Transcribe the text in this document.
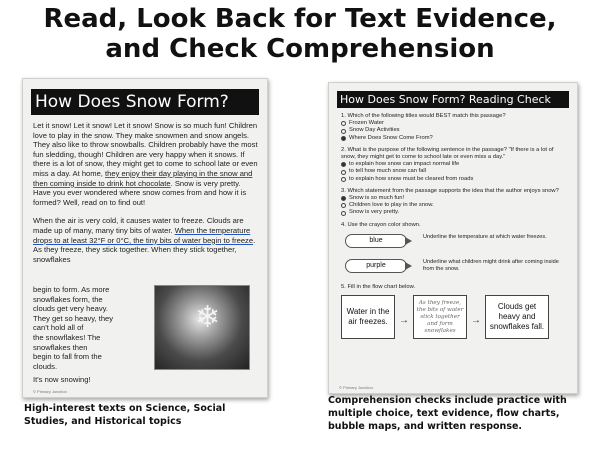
Read, Look Back for Text Evidence,
and Check Comprehension
How Does Snow Form?

Let it snow! Let it snow! Let it snow! Snow is so much fun! Children love to play in the snow. They make snowmen and snow angels. They also like to throw snowballs. Children probably have the most fun sledding, though! Children are very happy when it snows. If there is a lot of snow, they might get to come to school late or even miss a day. At home, they enjoy their day playing in the snow and then coming inside to drink hot chocolate. Snow is very pretty. Have you ever wondered where snow comes from and how it is formed? Well, read on to find out!

When the air is very cold, it causes water to freeze. Clouds are made up of many, many tiny bits of water. When the temperature drops to at least 32°F or 0°C, the tiny bits of water begin to freeze. As they freeze, they stick together. When they stick together, snowflakes

begin to form. As more
snowflakes form, the
clouds get very heavy.
They get so heavy, they
can't hold all of
the snowflakes! The
snowflakes then
begin to fall from the
clouds.
❄
It's now snowing!
© Primary Junction
How Does Snow Form? Reading Check
1. Which of the following titles would BEST match this passage?
Frozen Water
Snow Day Activities
Where Does Snow Come From?
2. What is the purpose of the following sentence in the passage? "If there is a lot of snow, they might get to come to school late or even miss a day."
to explain how snow can impact normal life
to tell how much snow can fall
to explain how snow must be cleared from roads
3. Which statement from the passage supports the idea that the author enjoys snow?
Snow is so much fun!
Children love to play in the snow.
Snow is very pretty.
4. Use the crayon color shown.
blue	Underline the temperature at which water freezes.
purple	Underline what children might drink after coming inside from the snow.
5. Fill in the flow chart below.
Water in the air freezes.	→
As they freeze, the bits of water stick together and form snowflakes
→
Clouds get heavy and snowflakes fall.
© Primary Junction
High-interest texts on Science, Social Studies, and Historical topics
Comprehension checks include practice with multiple choice, text evidence, flow charts, bubble maps, and written response.
